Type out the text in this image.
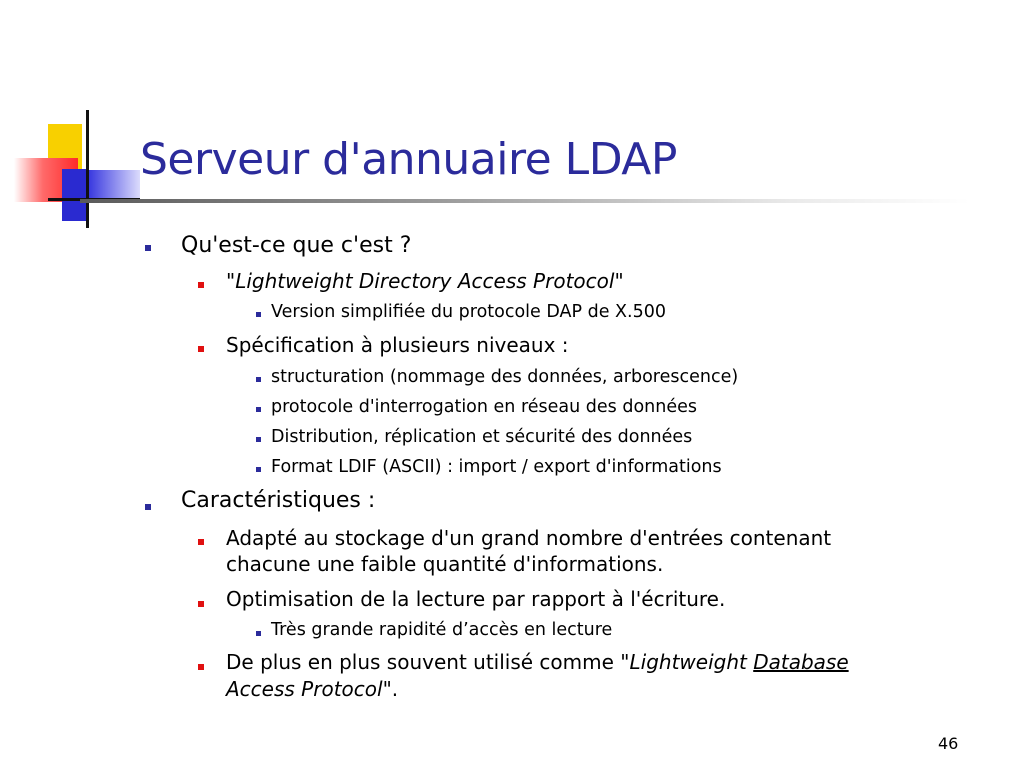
Serveur d'annuaire LDAP
Qu'est-ce que c'est ?
"Lightweight Directory Access Protocol"
Version simplifiée du protocole DAP de X.500
Spécification à plusieurs niveaux :
structuration (nommage des données, arborescence)
protocole d'interrogation en réseau des données
Distribution, réplication et sécurité des données
Format LDIF (ASCII) : import / export d'informations
Caractéristiques :
Adapté au stockage d'un grand nombre d'entrées contenant
chacune une faible quantité d'informations.
Optimisation de la lecture par rapport à l'écriture.
Très grande rapidité d’accès en lecture
De plus en plus souvent utilisé comme "Lightweight Database
Access Protocol".
46
